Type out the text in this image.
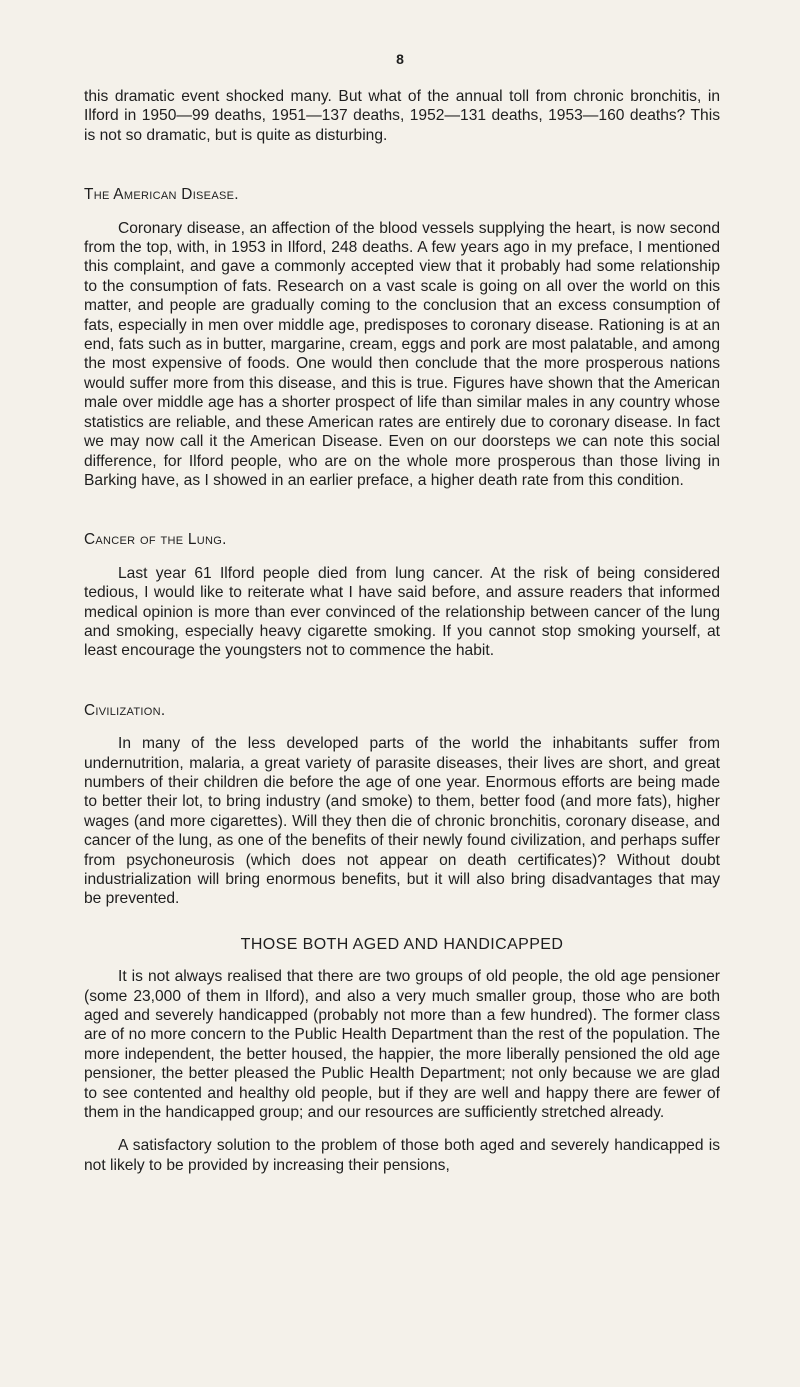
8

this dramatic event shocked many. But what of the annual toll from chronic bronchitis, in Ilford in 1950—99 deaths, 1951—137 deaths, 1952—131 deaths, 1953—160 deaths? This is not so dramatic, but is quite as disturbing.

The American Disease.

Coronary disease, an affection of the blood vessels supplying the heart, is now second from the top, with, in 1953 in Ilford, 248 deaths. A few years ago in my preface, I mentioned this complaint, and gave a commonly accepted view that it probably had some relationship to the consumption of fats. Research on a vast scale is going on all over the world on this matter, and people are gradually coming to the conclusion that an excess consumption of fats, especially in men over middle age, predisposes to coronary disease. Rationing is at an end, fats such as in butter, margarine, cream, eggs and pork are most palatable, and among the most expensive of foods. One would then conclude that the more prosperous nations would suffer more from this disease, and this is true. Figures have shown that the American male over middle age has a shorter prospect of life than similar males in any country whose statistics are reliable, and these American rates are entirely due to coronary disease. In fact we may now call it the American Disease. Even on our doorsteps we can note this social difference, for Ilford people, who are on the whole more prosperous than those living in Barking have, as I showed in an earlier preface, a higher death rate from this condition.

Cancer of the Lung.

Last year 61 Ilford people died from lung cancer. At the risk of being considered tedious, I would like to reiterate what I have said before, and assure readers that informed medical opinion is more than ever convinced of the relationship between cancer of the lung and smoking, especially heavy cigarette smoking. If you cannot stop smoking yourself, at least encourage the youngsters not to commence the habit.

Civilization.

In many of the less developed parts of the world the inhabitants suffer from undernutrition, malaria, a great variety of parasite diseases, their lives are short, and great numbers of their children die before the age of one year. Enormous efforts are being made to better their lot, to bring industry (and smoke) to them, better food (and more fats), higher wages (and more cigarettes). Will they then die of chronic bronchitis, coronary disease, and cancer of the lung, as one of the benefits of their newly found civilization, and perhaps suffer from psychoneurosis (which does not appear on death certificates)? Without doubt industrialization will bring enormous benefits, but it will also bring disadvantages that may be prevented.

THOSE BOTH AGED AND HANDICAPPED

It is not always realised that there are two groups of old people, the old age pensioner (some 23,000 of them in Ilford), and also a very much smaller group, those who are both aged and severely handicapped (probably not more than a few hundred). The former class are of no more concern to the Public Health Department than the rest of the population. The more independent, the better housed, the happier, the more liberally pensioned the old age pensioner, the better pleased the Public Health Department; not only because we are glad to see contented and healthy old people, but if they are well and happy there are fewer of them in the handicapped group; and our resources are sufficiently stretched already.

A satisfactory solution to the problem of those both aged and severely handicapped is not likely to be provided by increasing their pensions,
